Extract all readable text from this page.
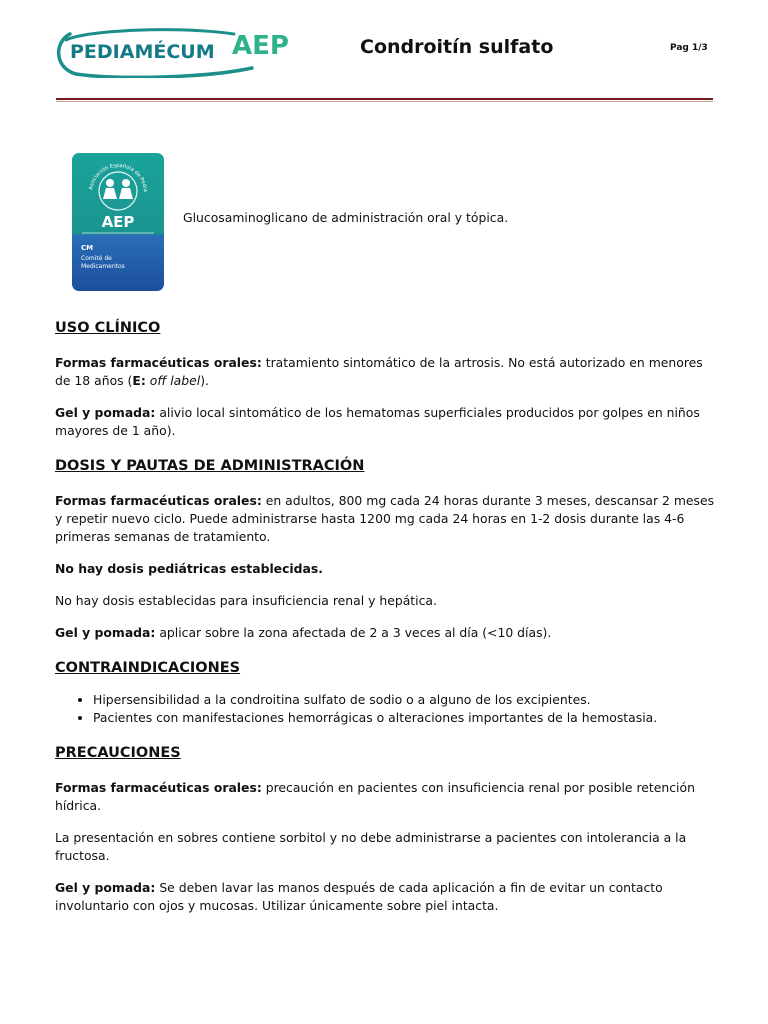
PEDIAMÉCUM AEP	Condroitín sulfato	Pag 1/3
Asociación Española de Pedia
AEP
CM
Comité de
Medicamentos
Glucosaminoglicano de administración oral y tópica.
USO CLÍNICO

Formas farmacéuticas orales: tratamiento sintomático de la artrosis. No está autorizado en menores de 18 años (E: off label).

Gel y pomada: alivio local sintomático de los hematomas superficiales producidos por golpes en niños mayores de 1 año).

DOSIS Y PAUTAS DE ADMINISTRACIÓN

Formas farmacéuticas orales: en adultos, 800 mg cada 24 horas durante 3 meses, descansar 2 meses y repetir nuevo ciclo. Puede administrarse hasta 1200 mg cada 24 horas en 1-2 dosis durante las 4-6 primeras semanas de tratamiento.

No hay dosis pediátricas establecidas.

No hay dosis establecidas para insuficiencia renal y hepática.

Gel y pomada: aplicar sobre la zona afectada de 2 a 3 veces al día (<10 días).

CONTRAINDICACIONES
• Hipersensibilidad a la condroitina sulfato de sodio o a alguno de los excipientes.
• Pacientes con manifestaciones hemorrágicas o alteraciones importantes de la hemostasia.
PRECAUCIONES

Formas farmacéuticas orales: precaución en pacientes con insuficiencia renal por posible retención hídrica.

La presentación en sobres contiene sorbitol y no debe administrarse a pacientes con intolerancia a la fructosa.

Gel y pomada: Se deben lavar las manos después de cada aplicación a fin de evitar un contacto involuntario con ojos y mucosas. Utilizar únicamente sobre piel intacta.
